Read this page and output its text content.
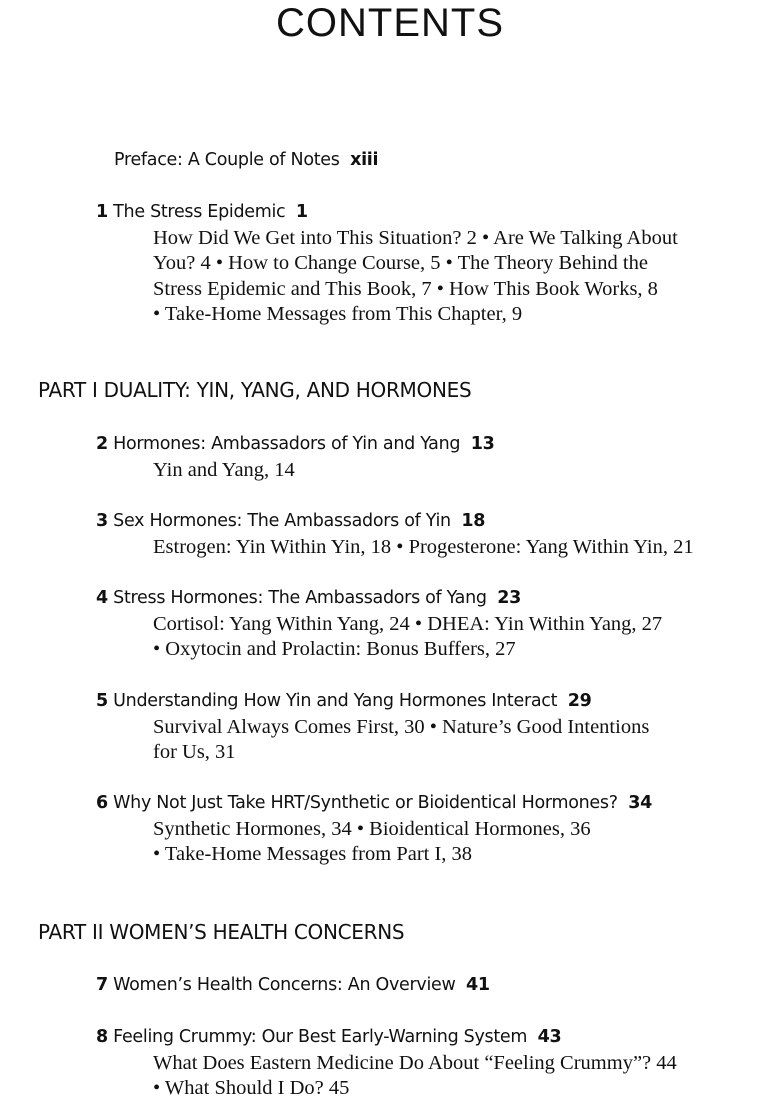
CONTENTS
Preface: A Couple of Notes xiii
1 The Stress Epidemic 1
How Did We Get into This Situation? 2 • Are We Talking About
You? 4 • How to Change Course, 5 • The Theory Behind the
Stress Epidemic and This Book, 7 • How This Book Works, 8
• Take-Home Messages from This Chapter, 9
PART I DUALITY: YIN, YANG, AND HORMONES
2 Hormones: Ambassadors of Yin and Yang 13
Yin and Yang, 14
3 Sex Hormones: The Ambassadors of Yin 18
Estrogen: Yin Within Yin, 18 • Progesterone: Yang Within Yin, 21
4 Stress Hormones: The Ambassadors of Yang 23
Cortisol: Yang Within Yang, 24 • DHEA: Yin Within Yang, 27
• Oxytocin and Prolactin: Bonus Buffers, 27
5 Understanding How Yin and Yang Hormones Interact 29
Survival Always Comes First, 30 • Nature’s Good Intentions
for Us, 31
6 Why Not Just Take HRT/Synthetic or Bioidentical Hormones? 34
Synthetic Hormones, 34 • Bioidentical Hormones, 36
• Take-Home Messages from Part I, 38
PART II WOMEN’S HEALTH CONCERNS
7 Women’s Health Concerns: An Overview 41
8 Feeling Crummy: Our Best Early-Warning System 43
What Does Eastern Medicine Do About “Feeling Crummy”? 44
• What Should I Do? 45
